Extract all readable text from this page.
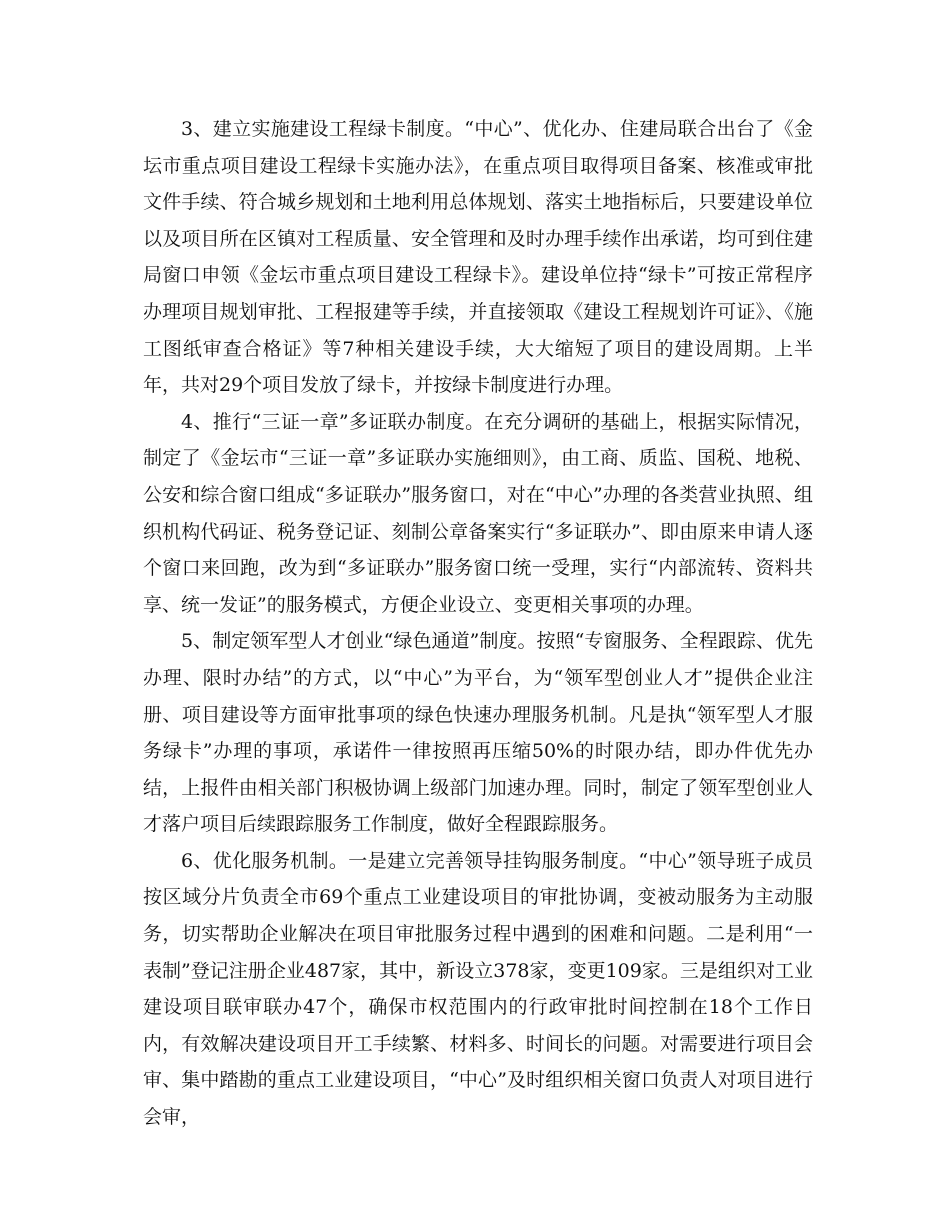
3、建立实施建设工程绿卡制度。“中心”、优化办、住建局联合出台了《金坛市重点项目建设工程绿卡实施办法》，在重点项目取得项目备案、核准或审批文件手续、符合城乡规划和土地利用总体规划、落实土地指标后，只要建设单位以及项目所在区镇对工程质量、安全管理和及时办理手续作出承诺，均可到住建局窗口申领《金坛市重点项目建设工程绿卡》。建设单位持“绿卡”可按正常程序办理项目规划审批、工程报建等手续，并直接领取《建设工程规划许可证》、《施工图纸审查合格证》等7种相关建设手续，大大缩短了项目的建设周期。上半年，共对29个项目发放了绿卡，并按绿卡制度进行办理。

4、推行“三证一章”多证联办制度。在充分调研的基础上，根据实际情况，制定了《金坛市“三证一章”多证联办实施细则》，由工商、质监、国税、地税、公安和综合窗口组成“多证联办”服务窗口，对在“中心”办理的各类营业执照、组织机构代码证、税务登记证、刻制公章备案实行“多证联办”、即由原来申请人逐个窗口来回跑，改为到“多证联办”服务窗口统一受理，实行“内部流转、资料共享、统一发证”的服务模式，方便企业设立、变更相关事项的办理。

5、制定领军型人才创业“绿色通道”制度。按照“专窗服务、全程跟踪、优先办理、限时办结”的方式，以“中心”为平台，为“领军型创业人才”提供企业注册、项目建设等方面审批事项的绿色快速办理服务机制。凡是执“领军型人才服务绿卡”办理的事项，承诺件一律按照再压缩50%的时限办结，即办件优先办结，上报件由相关部门积极协调上级部门加速办理。同时，制定了领军型创业人才落户项目后续跟踪服务工作制度，做好全程跟踪服务。

6、优化服务机制。一是建立完善领导挂钩服务制度。“中心”领导班子成员按区域分片负责全市69个重点工业建设项目的审批协调，变被动服务为主动服务，切实帮助企业解决在项目审批服务过程中遇到的困难和问题。二是利用“一表制”登记注册企业487家，其中，新设立378家，变更109家。三是组织对工业建设项目联审联办47个，确保市权范围内的行政审批时间控制在18个工作日内，有效解决建设项目开工手续繁、材料多、时间长的问题。对需要进行项目会审、集中踏勘的重点工业建设项目，“中心”及时组织相关窗口负责人对项目进行会审，
